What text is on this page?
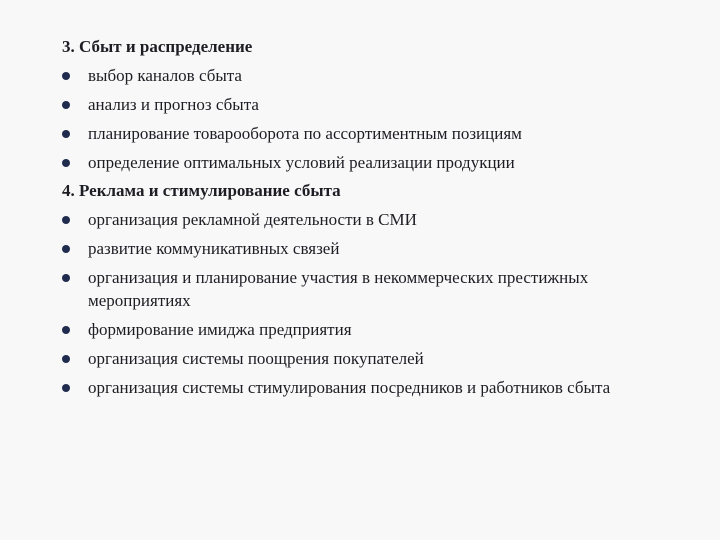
3. Сбыт и распределение
выбор каналов сбыта
анализ и прогноз сбыта
планирование товарооборота по ассортиментным позициям
определение оптимальных условий реализации продукции
4. Реклама и стимулирование сбыта
организация рекламной деятельности в СМИ
развитие коммуникативных связей
организация и планирование участия в некоммерческих престижных мероприятиях
формирование имиджа предприятия
организация системы поощрения покупателей
организация системы стимулирования посредников и работников сбыта
